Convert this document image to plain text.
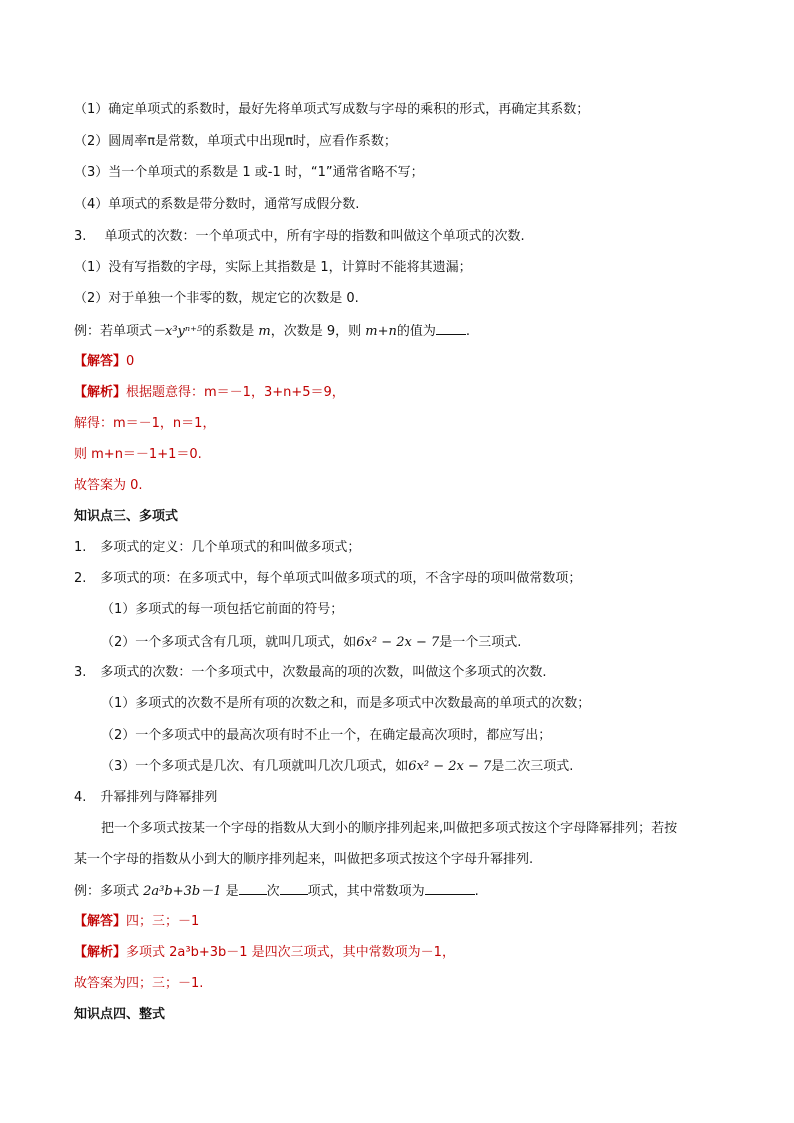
（1）确定单项式的系数时，最好先将单项式写成数与字母的乘积的形式，再确定其系数；
（2）圆周率π是常数，单项式中出现π时，应看作系数；
（3）当一个单项式的系数是 1 或-1 时，“1”通常省略不写；
（4）单项式的系数是带分数时，通常写成假分数.
3. 单项式的次数：一个单项式中，所有字母的指数和叫做这个单项式的次数.
（1）没有写指数的字母，实际上其指数是 1，计算时不能将其遗漏；
（2）对于单独一个非零的数，规定它的次数是 0.
例：若单项式－x³yⁿ⁺⁵的系数是 m，次数是 9，则 m+n的值为 .
【解答】0
【解析】根据题意得：m＝－1，3+n+5＝9，
解得：m＝－1，n＝1，
则 m+n＝－1+1＝0.
故答案为 0.
知识点三、多项式
1. 多项式的定义：几个单项式的和叫做多项式；
2. 多项式的项：在多项式中，每个单项式叫做多项式的项，不含字母的项叫做常数项；
（1）多项式的每一项包括它前面的符号；
（2）一个多项式含有几项，就叫几项式，如6x² − 2x − 7是一个三项式.
3. 多项式的次数：一个多项式中，次数最高的项的次数，叫做这个多项式的次数.
（1）多项式的次数不是所有项的次数之和，而是多项式中次数最高的单项式的次数；
（2）一个多项式中的最高次项有时不止一个，在确定最高次项时，都应写出；
（3）一个多项式是几次、有几项就叫几次几项式，如6x² − 2x − 7是二次三项式.
4. 升幂排列与降幂排列
把一个多项式按某一个字母的指数从大到小的顺序排列起来,叫做把多项式按这个字母降幂排列；若按
某一个字母的指数从小到大的顺序排列起来，叫做把多项式按这个字母升幂排列.
例：多项式 2a³b+3b－1 是 次 项式，其中常数项为	.
【解答】四；三；－1
【解析】多项式 2a³b+3b－1 是四次三项式，其中常数项为－1，
故答案为四；三；－1.
知识点四、整式
